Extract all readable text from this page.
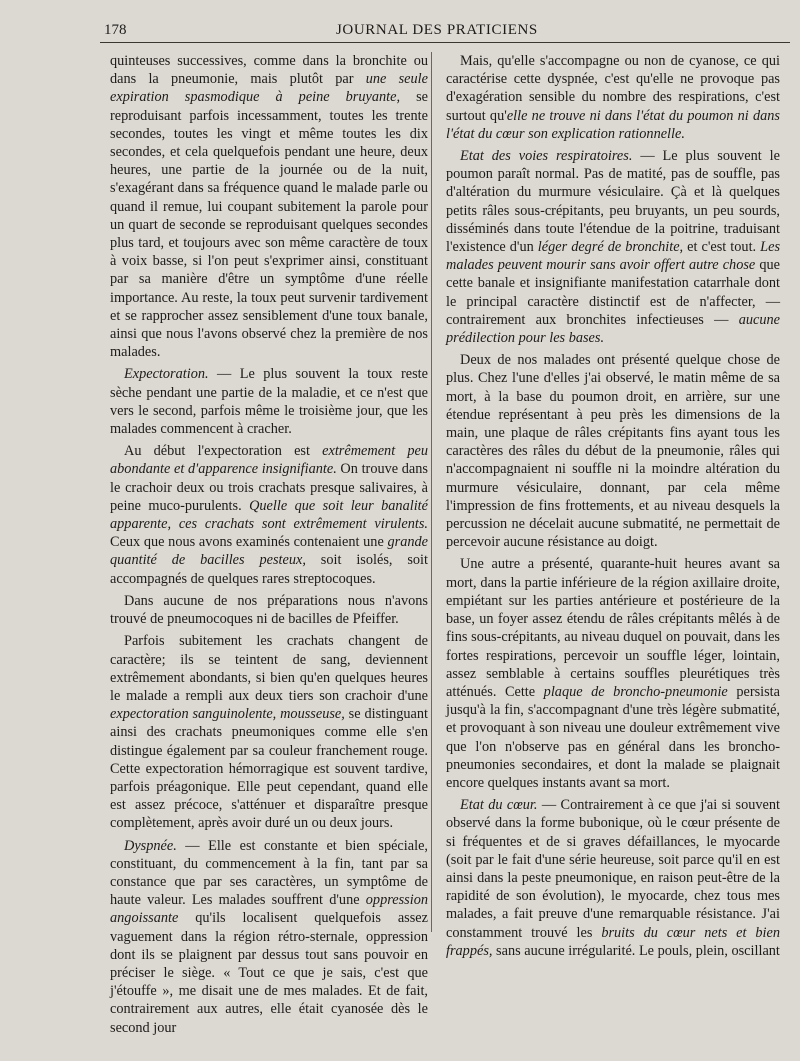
178	JOURNAL DES PRATICIENS

quinteuses successives, comme dans la bronchite ou dans la pneumonie, mais plutôt par une seule expiration spasmodique à peine bruyante, se reproduisant parfois incessamment, toutes les trente secondes, toutes les vingt et même toutes les dix secondes, et cela quelquefois pendant une heure, deux heures, une partie de la journée ou de la nuit, s'exagérant dans sa fréquence quand le malade parle ou quand il remue, lui coupant subitement la parole pour un quart de seconde se reproduisant quelques secondes plus tard, et toujours avec son même caractère de toux à voix basse, si l'on peut s'exprimer ainsi, constituant par sa manière d'être un symptôme d'une réelle importance. Au reste, la toux peut survenir tardivement et se rapprocher assez sensiblement d'une toux banale, ainsi que nous l'avons observé chez la première de nos malades.

Expectoration. — Le plus souvent la toux reste sèche pendant une partie de la maladie, et ce n'est que vers le second, parfois même le troisième jour, que les malades commencent à cracher.

Au début l'expectoration est extrêmement peu abondante et d'apparence insignifiante. On trouve dans le crachoir deux ou trois crachats presque salivaires, à peine muco-purulents. Quelle que soit leur banalité apparente, ces crachats sont extrêmement virulents. Ceux que nous avons examinés contenaient une grande quantité de bacilles pesteux, soit isolés, soit accompagnés de quelques rares streptocoques.

Dans aucune de nos préparations nous n'avons trouvé de pneumocoques ni de bacilles de Pfeiffer.

Parfois subitement les crachats changent de caractère; ils se teintent de sang, deviennent extrêmement abondants, si bien qu'en quelques heures le malade a rempli aux deux tiers son crachoir d'une expectoration sanguinolente, mousseuse, se distinguant ainsi des crachats pneumoniques comme elle s'en distingue également par sa couleur franchement rouge. Cette expectoration hémorragique est souvent tardive, parfois préagonique. Elle peut cependant, quand elle est assez précoce, s'atténuer et disparaître presque complètement, après avoir duré un ou deux jours.

Dyspnée. — Elle est constante et bien spéciale, constituant, du commencement à la fin, tant par sa constance que par ses caractères, un symptôme de haute valeur. Les malades souffrent d'une oppression angoissante qu'ils localisent quelquefois assez vaguement dans la région rétro-sternale, oppression dont ils se plaignent par dessus tout sans pouvoir en préciser le siège. « Tout ce que je sais, c'est que j'étouffe », me disait une de mes malades. Et de fait, contrairement aux autres, elle était cyanosée dès le second jour

Mais, qu'elle s'accompagne ou non de cyanose, ce qui caractérise cette dyspnée, c'est qu'elle ne provoque pas d'exagération sensible du nombre des respirations, c'est surtout qu'elle ne trouve ni dans l'état du poumon ni dans l'état du cœur son explication rationnelle.

Etat des voies respiratoires. — Le plus souvent le poumon paraît normal. Pas de matité, pas de souffle, pas d'altération du murmure vésiculaire. Çà et là quelques petits râles sous-crépitants, peu bruyants, un peu sourds, disséminés dans toute l'étendue de la poitrine, traduisant l'existence d'un léger degré de bronchite, et c'est tout. Les malades peuvent mourir sans avoir offert autre chose que cette banale et insignifiante manifestation catarrhale dont le principal caractère distinctif est de n'affecter, — contrairement aux bronchites infectieuses — aucune prédilection pour les bases.

Deux de nos malades ont présenté quelque chose de plus. Chez l'une d'elles j'ai observé, le matin même de sa mort, à la base du poumon droit, en arrière, sur une étendue représentant à peu près les dimensions de la main, une plaque de râles crépitants fins ayant tous les caractères des râles du début de la pneumonie, râles qui n'accompagnaient ni souffle ni la moindre altération du murmure vésiculaire, donnant, par cela même l'impression de fins frottements, et au niveau desquels la percussion ne décelait aucune submatité, ne permettait de percevoir aucune résistance au doigt.

Une autre a présenté, quarante-huit heures avant sa mort, dans la partie inférieure de la région axillaire droite, empiétant sur les parties antérieure et postérieure de la base, un foyer assez étendu de râles crépitants mêlés à de fins sous-crépitants, au niveau duquel on pouvait, dans les fortes respirations, percevoir un souffle léger, lointain, assez semblable à certains souffles pleurétiques très atténués. Cette plaque de broncho-pneumonie persista jusqu'à la fin, s'accompagnant d'une très légère submatité, et provoquant à son niveau une douleur extrêmement vive que l'on n'observe pas en général dans les broncho-pneumonies secondaires, et dont la malade se plaignait encore quelques instants avant sa mort.

Etat du cœur. — Contrairement à ce que j'ai si souvent observé dans la forme bubonique, où le cœur présente de si fréquentes et de si graves défaillances, le myocarde (soit par le fait d'une série heureuse, soit parce qu'il en est ainsi dans la peste pneumonique, en raison peut-être de la rapidité de son évolution), le myocarde, chez tous mes malades, a fait preuve d'une remarquable résistance. J'ai constamment trouvé les bruits du cœur nets et bien frappés, sans aucune irrégularité. Le pouls, plein, oscillant
